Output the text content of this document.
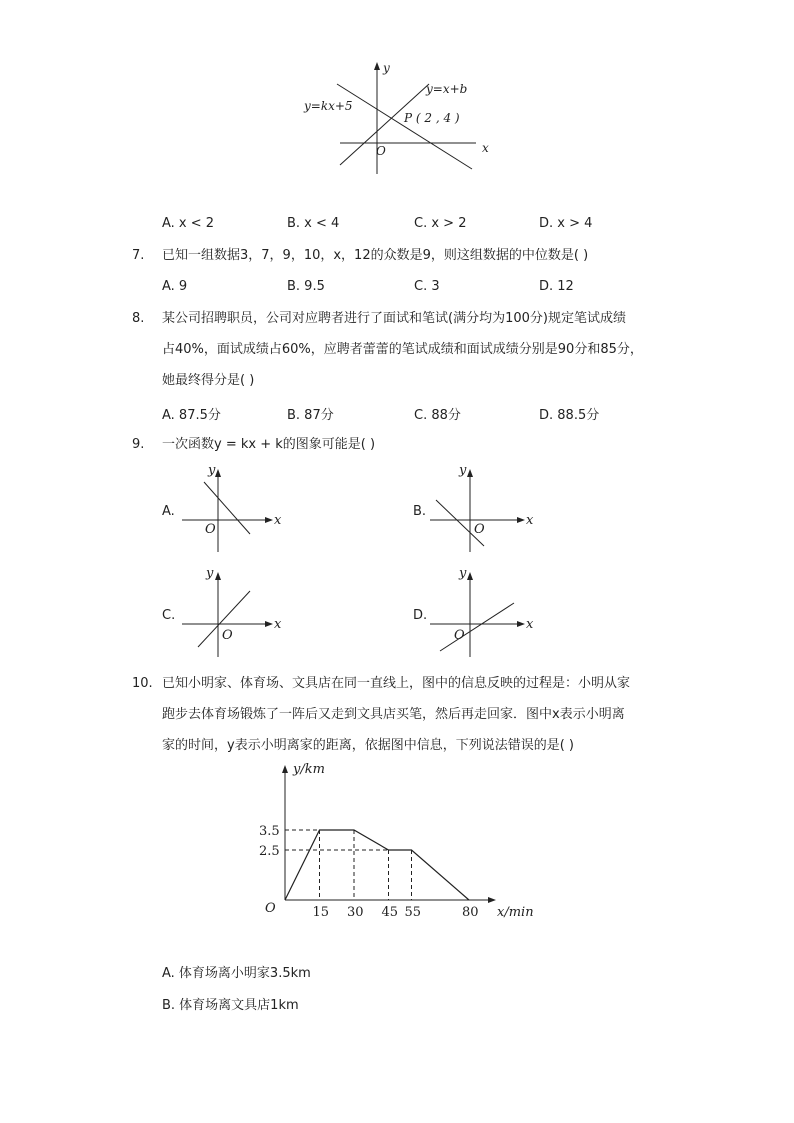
y
x
O
y=kx+5
y=x+b
P ( 2 , 4 )
A. x < 2	B. x < 4	C. x > 2	D. x > 4
7. 已知一组数据3，7，9，10，x，12的众数是9，则这组数据的中位数是( )
A. 9	B. 9.5	C. 3	D. 12
8. 某公司招聘职员，公司对应聘者进行了面试和笔试(满分均为100分)规定笔试成绩
占40%，面试成绩占60%，应聘者蕾蕾的笔试成绩和面试成绩分别是90分和85分，
她最终得分是( )
A. 87.5分	B. 87分	C. 88分	D. 88.5分
9. 一次函数y = kx + k的图象可能是( )
A.
y
x
O
B.
y
x
O
C.
y
x
O
D.
y
x
O
10. 已知小明家、体育场、文具店在同一直线上，图中的信息反映的过程是：小明从家
跑步去体育场锻炼了一阵后又走到文具店买笔，然后再走回家．图中x表示小明离
家的时间，y表示小明离家的距离，依据图中信息，下列说法错误的是( )
y/km
x/min
O
3.5
2.5
15 30 45 55	80
A. 体育场离小明家3.5km
B. 体育场离文具店1km
